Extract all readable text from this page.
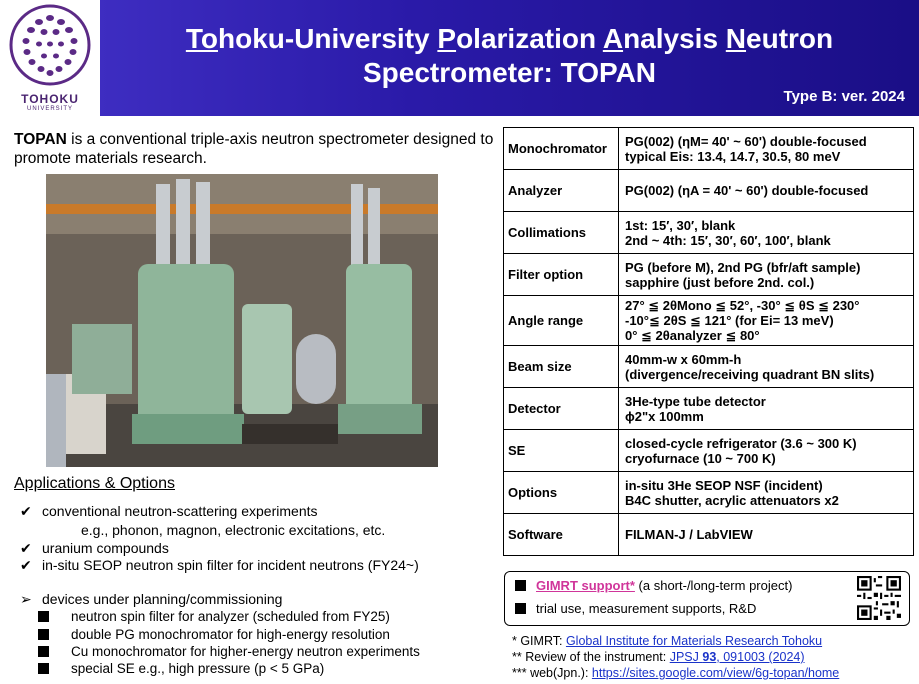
TOHOKU
UNIVERSITY
Tohoku-University Polarization Analysis Neutron
Spectrometer: TOPAN
Type B: ver. 2024
TOPAN is a conventional triple-axis neutron spectrometer designed to promote materials research.
Applications & Options
✔ conventional neutron-scattering experiments
e.g., phonon, magnon, electronic excitations, etc.
✔ uranium compounds
✔ in-situ SEOP neutron spin filter for incident neutrons (FY24~)
➢ devices under planning/commissioning
neutron spin filter for analyzer (scheduled from FY25)
double PG monochromator for high-energy resolution
Cu monochromator for higher-energy neutron experiments
special SE e.g., high pressure (p < 5 GPa)
Monochromator	PG(002) (ηM= 40' ~ 60') double-focused
typical Eis: 13.4, 14.7, 30.5, 80 meV

Analyzer	PG(002) (ηA = 40' ~ 60') double-focused

Collimations	1st: 15′, 30′, blank
2nd ~ 4th: 15′, 30′, 60′, 100′, blank

Filter option	PG (before M), 2nd PG (bfr/aft sample)
sapphire (just before 2nd. col.)

Angle range	27° ≦ 2θMono ≦ 52°, -30° ≦ θS ≦ 230°
-10°≦ 2θS ≦ 121° (for Ei= 13 meV)
0° ≦ 2θanalyzer ≦ 80°

Beam size	40mm-w x 60mm-h
(divergence/receiving quadrant BN slits)

Detector	3He-type tube detector
ϕ2"x 100mm

SE	closed-cycle refrigerator (3.6 ~ 300 K)
cryofurnace (10 ~ 700 K)

Options	in-situ 3He SEOP NSF (incident)
B4C shutter, acrylic attenuators x2

Software	FILMAN-J / LabVIEW
GIMRT support* (a short-/long-term project)
trial use, measurement supports, R&D
* GIMRT: Global Institute for Materials Research Tohoku
** Review of the instrument: JPSJ 93, 091003 (2024)
*** web(Jpn.): https://sites.google.com/view/6g-topan/home
